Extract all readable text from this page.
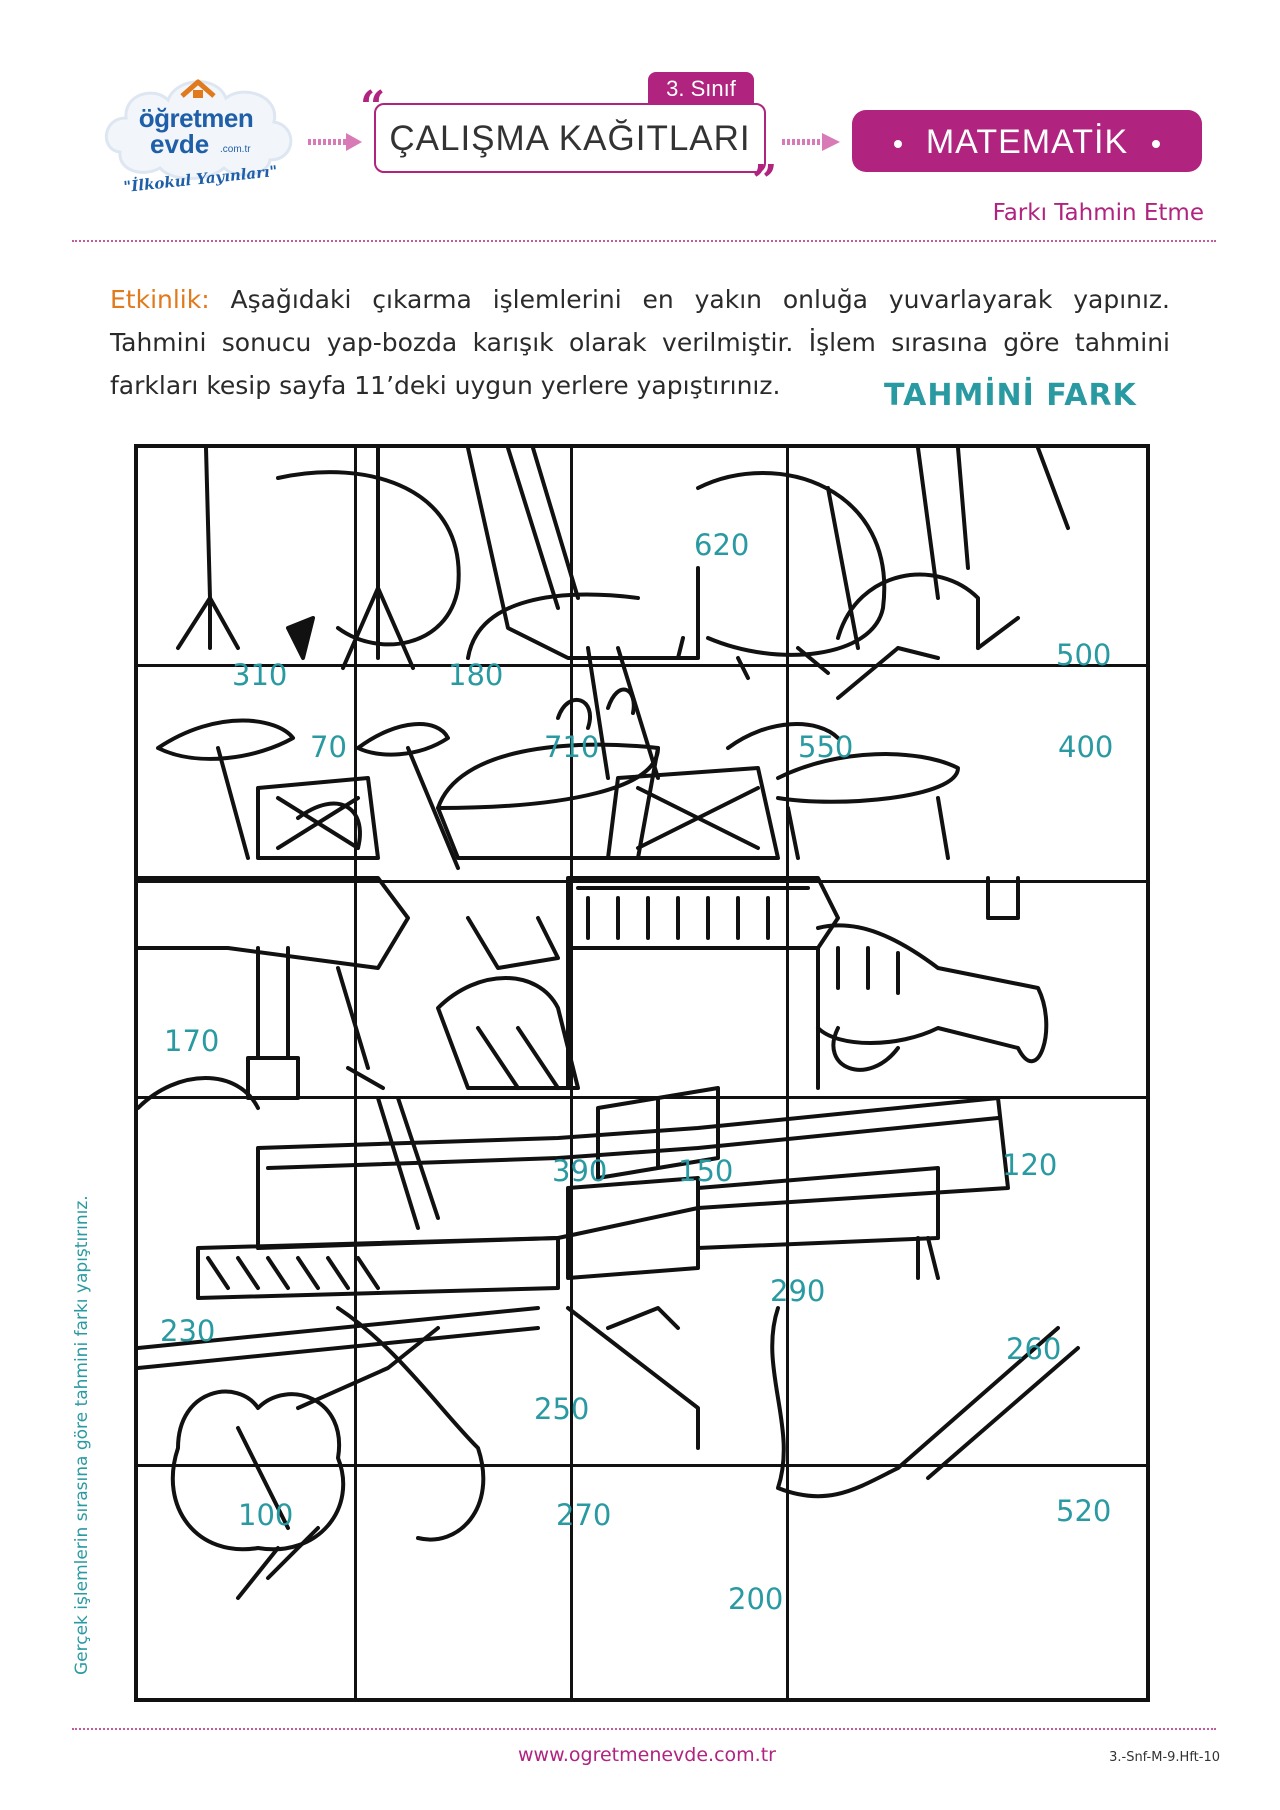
öğretmen
evde .com.tr
"İlkokul Yayınları"
“	3. Sınıf
ÇALIŞMA KAĞITLARI
”
MATEMATİK
Farkı Tahmin Etme
Etkinlik: Aşağıdaki çıkarma işlemlerini en yakın onluğa yuvarlayarak yapınız. Tahmini sonucu yap-bozda karışık olarak verilmiştir. İşlem sırasına göre tahmini farkları kesip sayfa 11’deki uygun yerlere yapıştırınız.	TAHMİNİ FARK
310	180
620
500
70	710	550	400
170
390 150	120
230
250
290
260
100	270
200
520
Gerçek işlemlerin sırasına göre tahmini farkı yapıştırınız.
www.ogretmenevde.com.tr	3.-Snf-M-9.Hft-10
